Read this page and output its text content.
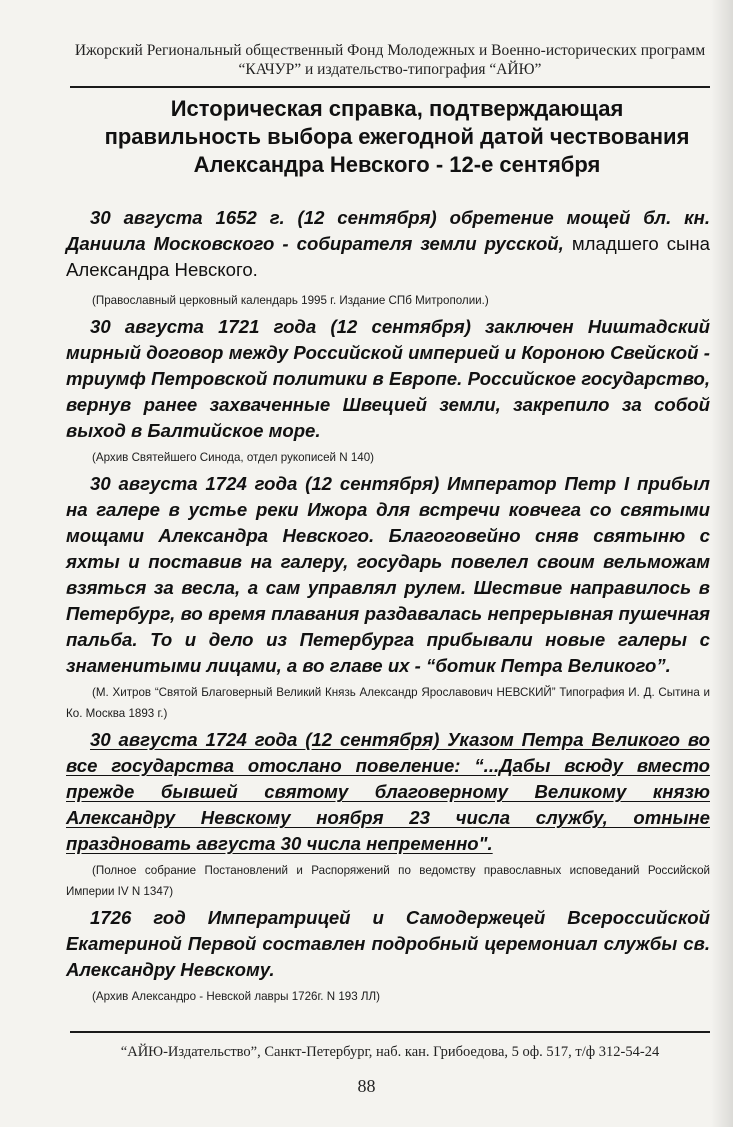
Ижорский Региональный общественный Фонд Молодежных и Военно-исторических программ “КАЧУР” и издательство-типография “АЙЮ”
Историческая справка, подтверждающая правильность выбора ежегодной датой чествования Александра Невского - 12-е сентября

30 августа 1652 г. (12 сентября) обретение мощей бл. кн. Даниила Московского - собирателя земли русской, младшего сына Александра Невского.

(Православный церковный календарь 1995 г. Издание СПб Митрополии.)

30 августа 1721 года (12 сентября) заключен Ништадский мирный договор между Российской империей и Короною Свейской - триумф Петровской политики в Европе. Российское государство, вернув ранее захваченные Швецией земли, закрепило за собой выход в Балтийское море.

(Архив Святейшего Синода, отдел рукописей N 140)

30 августа 1724 года (12 сентября) Император Петр I прибыл на галере в устье реки Ижора для встречи ковчега со святыми мощами Александра Невского. Благоговейно сняв святыню с яхты и поставив на галеру, государь повелел своим вельможам взяться за весла, а сам управлял рулем. Шествие направилось в Петербург, во время плавания раздавалась непрерывная пушечная пальба. То и дело из Петербурга прибывали новые галеры с знаменитыми лицами, а во главе их - “ботик Петра Великого”.

(М. Хитров “Святой Благоверный Великий Князь Александр Ярославович НЕВСКИЙ” Типография И. Д. Сытина и Ко. Москва 1893 г.)

30 августа 1724 года (12 сентября) Указом Петра Великого во все государства отослано повеление: “...Дабы всюду вместо прежде бывшей святому благоверному Великому князю Александру Невскому ноября 23 числа службу, отныне праздновать августа 30 числа непременно".

(Полное собрание Постановлений и Распоряжений по ведомству православных исповеданий Российской Империи IV N 1347)

1726 год Императрицей и Самодержецей Всероссийской Екатериной Первой составлен подробный церемониал службы св. Александру Невскому.

(Архив Александро - Невской лавры 1726г. N 193 ЛЛ)

“АЙЮ-Издательство”, Санкт-Петербург, наб. кан. Грибоедова, 5 оф. 517, т/ф 312-54-24
88
